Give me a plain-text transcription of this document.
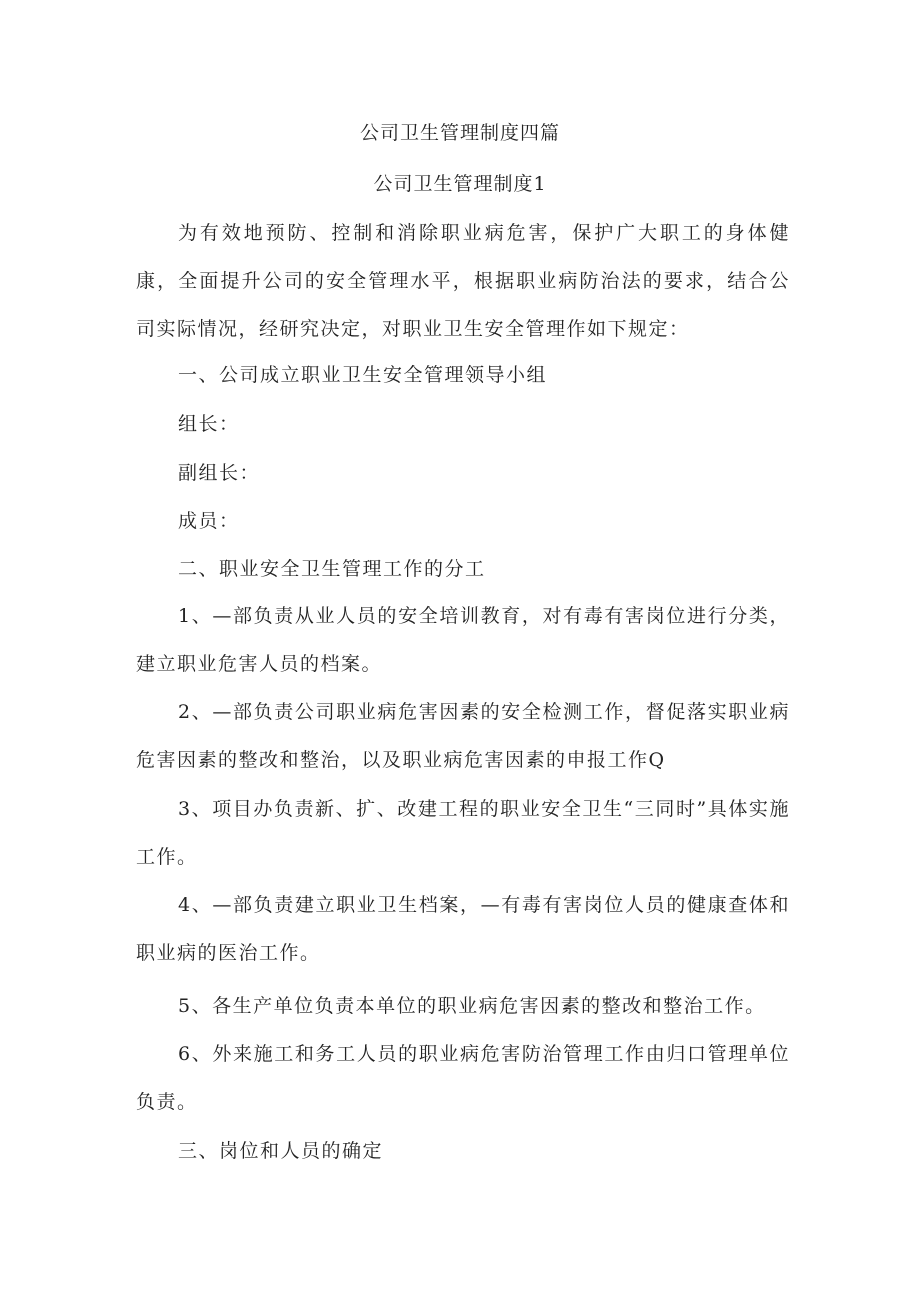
公司卫生管理制度四篇
公司卫生管理制度1

为有效地预防、控制和消除职业病危害，保护广大职工的身体健康，全面提升公司的安全管理水平，根据职业病防治法的要求，结合公司实际情况，经研究决定，对职业卫生安全管理作如下规定：

一、公司成立职业卫生安全管理领导小组

组长：

副组长：

成员：

二、职业安全卫生管理工作的分工

1、—部负责从业人员的安全培训教育，对有毒有害岗位进行分类，建立职业危害人员的档案。

2、—部负责公司职业病危害因素的安全检测工作，督促落实职业病危害因素的整改和整治，以及职业病危害因素的申报工作Q

3、项目办负责新、扩、改建工程的职业安全卫生“三同时”具体实施工作。

4、—部负责建立职业卫生档案，—有毒有害岗位人员的健康查体和职业病的医治工作。

5、各生产单位负责本单位的职业病危害因素的整改和整治工作。

6、外来施工和务工人员的职业病危害防治管理工作由归口管理单位负责。

三、岗位和人员的确定
